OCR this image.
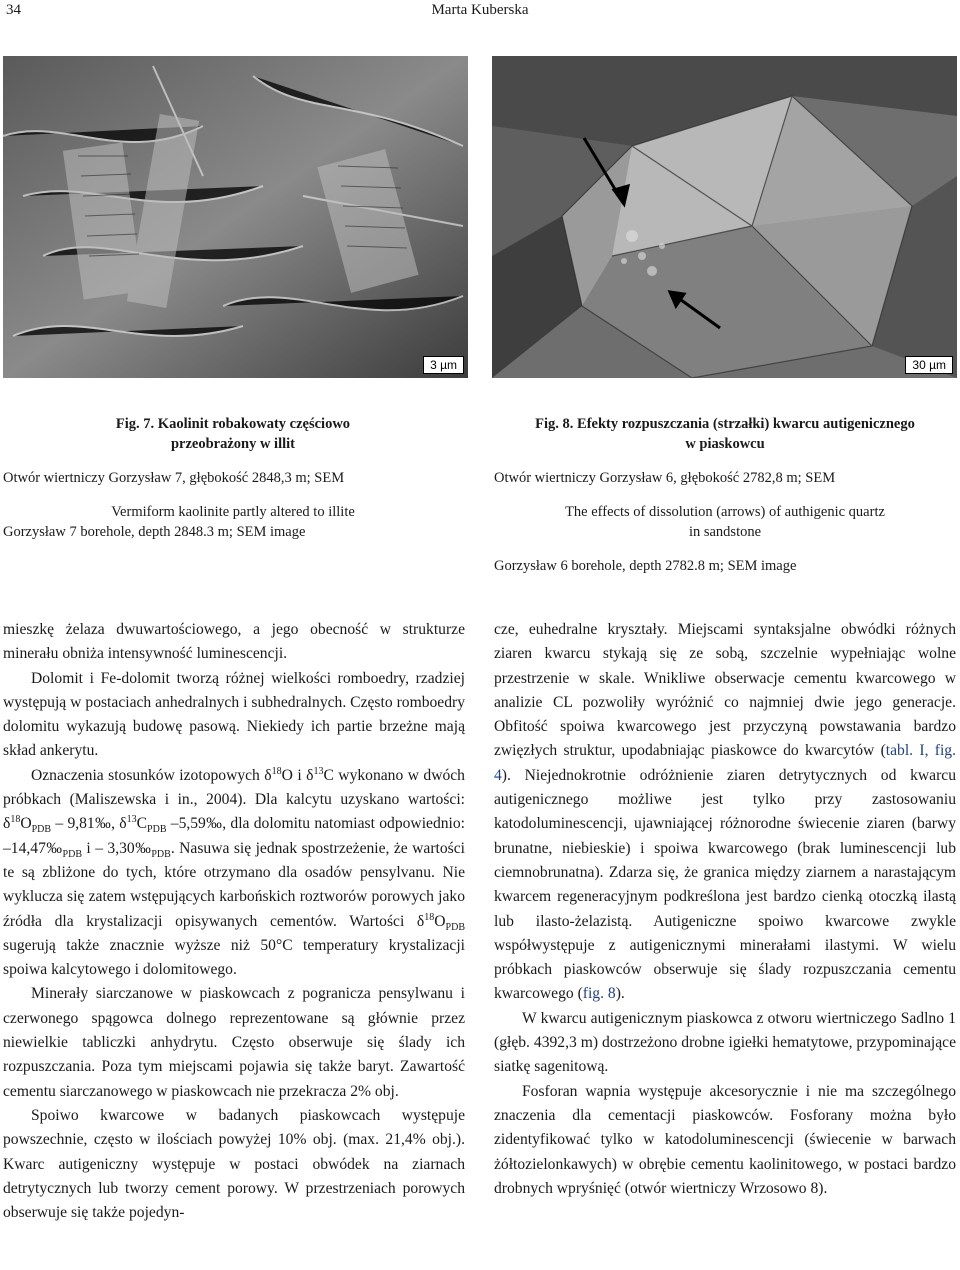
34	Marta Kuberska
3 µm	30 µm
Fig. 7. Kaolinit robakowaty częściowo
przeobrażony w illit
Otwór wiertniczy Gorzysław 7, głębokość 2848,3 m; SEM
Vermiform kaolinite partly altered to illite
Gorzysław 7 borehole, depth 2848.3 m; SEM image
Fig. 8. Efekty rozpuszczania (strzałki) kwarcu autigenicznego
w piaskowcu
Otwór wiertniczy Gorzysław 6, głębokość 2782,8 m; SEM
The effects of dissolution (arrows) of authigenic quartz
in sandstone
Gorzysław 6 borehole, depth 2782.8 m; SEM image

mieszkę żelaza dwuwartościowego, a jego obecność w strukturze minerału obniża intensywność luminescencji.

Dolomit i Fe-dolomit tworzą różnej wielkości romboedry, rzadziej występują w postaciach anhedralnych i subhedralnych. Często romboedry dolomitu wykazują budowę pasową. Niekiedy ich partie brzeżne mają skład ankerytu.

Oznaczenia stosunków izotopowych $\delta^{18}O$ i $\delta^{13}C$ wykonano w dwóch próbkach (Maliszewska i in., 2004). Dla kalcytu uzyskano wartości: $\delta^{18}O_{PDB}$ – 9,81‰, $\delta^{13}C_{PDB}$ –5,59‰, dla dolomitu natomiast odpowiednio: $-14,47‰_{PDB}$ i – $3,30‰_{PDB}$. Nasuwa się jednak spostrzeżenie, że wartości te są zbliżone do tych, które otrzymano dla osadów pensylvanu. Nie wyklucza się zatem wstępujących karbońskich roztworów porowych jako źródła dla krystalizacji opisywanych cementów. Wartości $\delta^{18}O_{PDB}$ sugerują także znacznie wyższe niż 50°C temperatury krystalizacji spoiwa kalcytowego i dolomitowego.

Minerały siarczanowe w piaskowcach z pogranicza pensylwanu i czerwonego spągowca dolnego reprezentowane są głównie przez niewielkie tabliczki anhydrytu. Często obserwuje się ślady ich rozpuszczania. Poza tym miejscami pojawia się także baryt. Zawartość cementu siarczanowego w piaskowcach nie przekracza 2% obj.

Spoiwo kwarcowe w badanych piaskowcach występuje powszechnie, często w ilościach powyżej 10% obj. (max. 21,4% obj.). Kwarc autigeniczny występuje w postaci obwódek na ziarnach detrytycznych lub tworzy cement porowy. W przestrzeniach porowych obserwuje się także pojedyn-

cze, euhedralne kryształy. Miejscami syntaksjalne obwódki różnych ziaren kwarcu stykają się ze sobą, szczelnie wypełniając wolne przestrzenie w skale. Wnikliwe obserwacje cementu kwarcowego w analizie CL pozwoliły wyróżnić co najmniej dwie jego generacje. Obfitość spoiwa kwarcowego jest przyczyną powstawania bardzo zwięzłych struktur, upodabniając piaskowce do kwarcytów (tabl. I, fig. 4). Niejednokrotnie odróżnienie ziaren detrytycznych od kwarcu autigenicznego możliwe jest tylko przy zastosowaniu katodoluminescencji, ujawniającej różnorodne świecenie ziaren (barwy brunatne, niebieskie) i spoiwa kwarcowego (brak luminescencji lub ciemnobrunatna). Zdarza się, że granica między ziarnem a narastającym kwarcem regeneracyjnym podkreślona jest bardzo cienką otoczką ilastą lub ilasto-żelazistą. Autigeniczne spoiwo kwarcowe zwykle współwystępuje z autigenicznymi minerałami ilastymi. W wielu próbkach piaskowców obserwuje się ślady rozpuszczania cementu kwarcowego (fig. 8).

W kwarcu autigenicznym piaskowca z otworu wiertniczego Sadlno 1 (głęb. 4392,3 m) dostrzeżono drobne igiełki hematytowe, przypominające siatkę sagenitową.

Fosforan wapnia występuje akcesorycznie i nie ma szczególnego znaczenia dla cementacji piaskowców. Fosforany można było zidentyfikować tylko w katodoluminescencji (świecenie w barwach żółtozielonkawych) w obrębie cementu kaolinitowego, w postaci bardzo drobnych wpryśnięć (otwór wiertniczy Wrzosowo 8).
